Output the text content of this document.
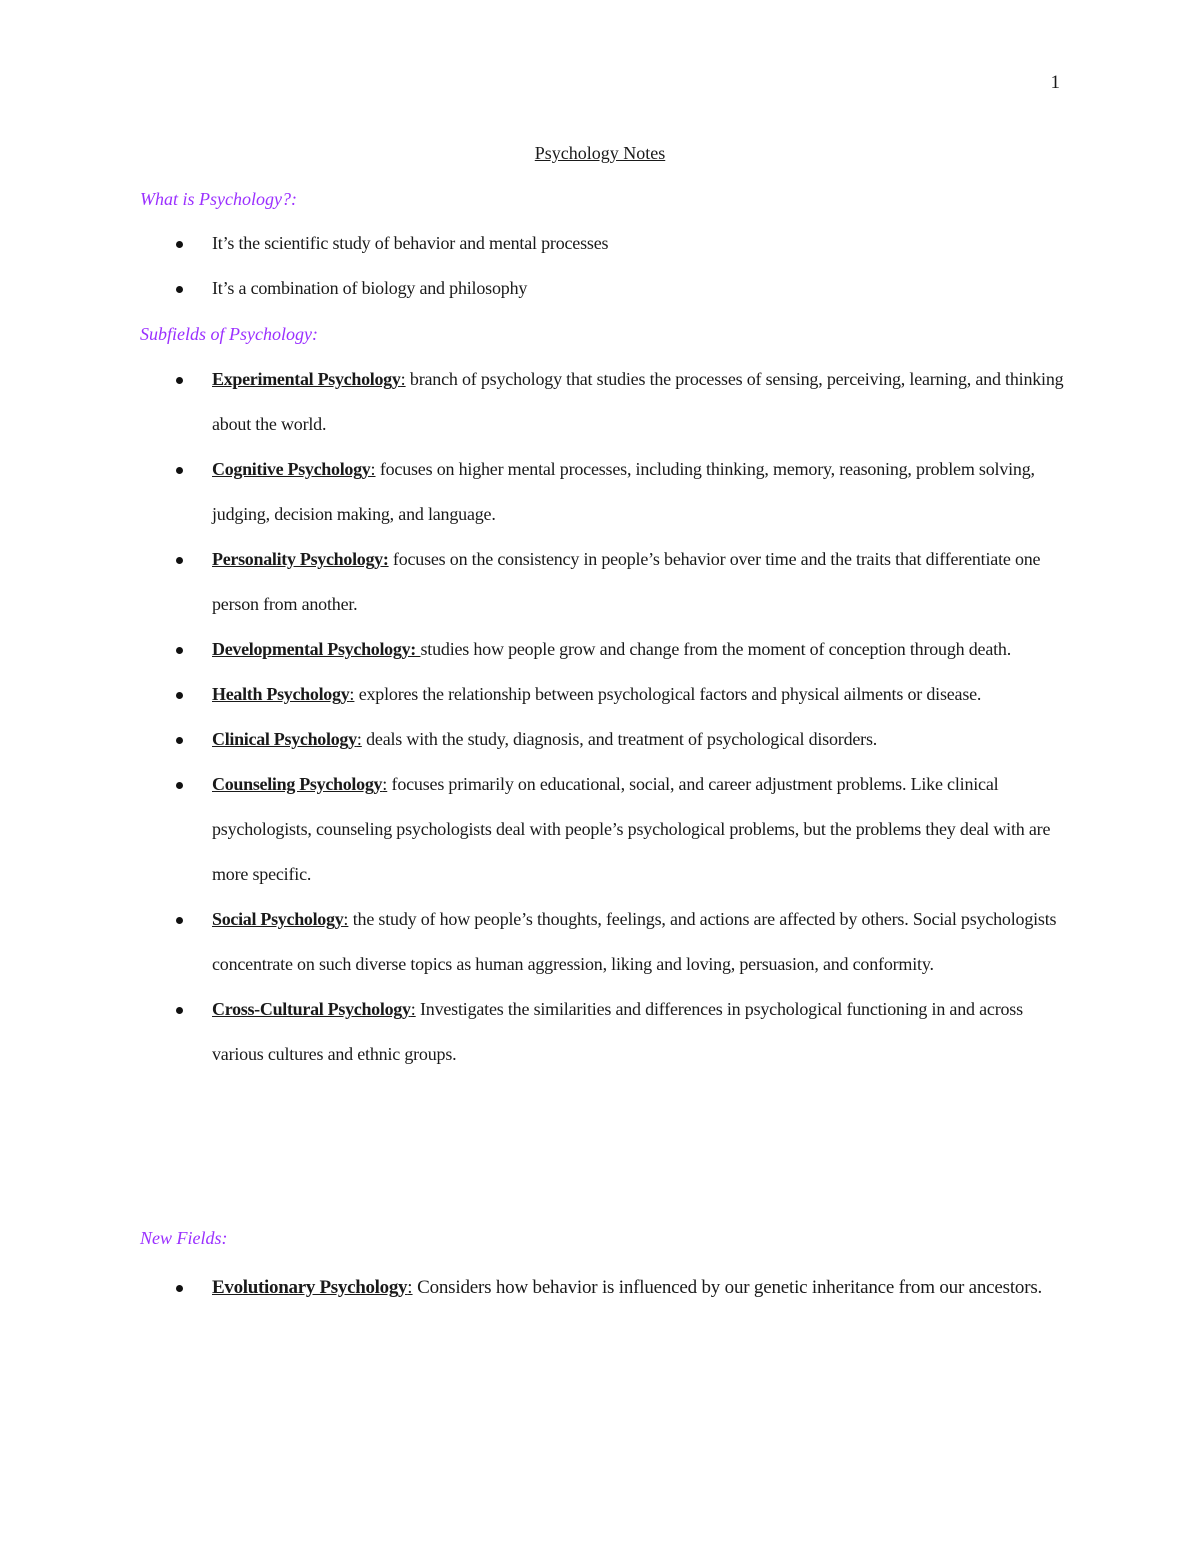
1
Psychology Notes
What is Psychology?:
It’s the scientific study of behavior and mental processes
It’s a combination of biology and philosophy
Subfields of Psychology:
Experimental Psychology: branch of psychology that studies the processes of sensing, perceiving, learning, and thinking about the world.
Cognitive Psychology: focuses on higher mental processes, including thinking, memory, reasoning, problem solving, judging, decision making, and language.
Personality Psychology: focuses on the consistency in people’s behavior over time and the traits that differentiate one person from another.
Developmental Psychology: studies how people grow and change from the moment of conception through death.
Health Psychology: explores the relationship between psychological factors and physical ailments or disease.
Clinical Psychology: deals with the study, diagnosis, and treatment of psychological disorders.
Counseling Psychology: focuses primarily on educational, social, and career adjustment problems. Like clinical psychologists, counseling psychologists deal with people’s psychological problems, but the problems they deal with are more specific.
Social Psychology: the study of how people’s thoughts, feelings, and actions are affected by others. Social psychologists concentrate on such diverse topics as human aggression, liking and loving, persuasion, and conformity.
Cross-Cultural Psychology: Investigates the similarities and differences in psychological functioning in and across various cultures and ethnic groups.
New Fields:
Evolutionary Psychology: Considers how behavior is influenced by our genetic inheritance from our ancestors.
